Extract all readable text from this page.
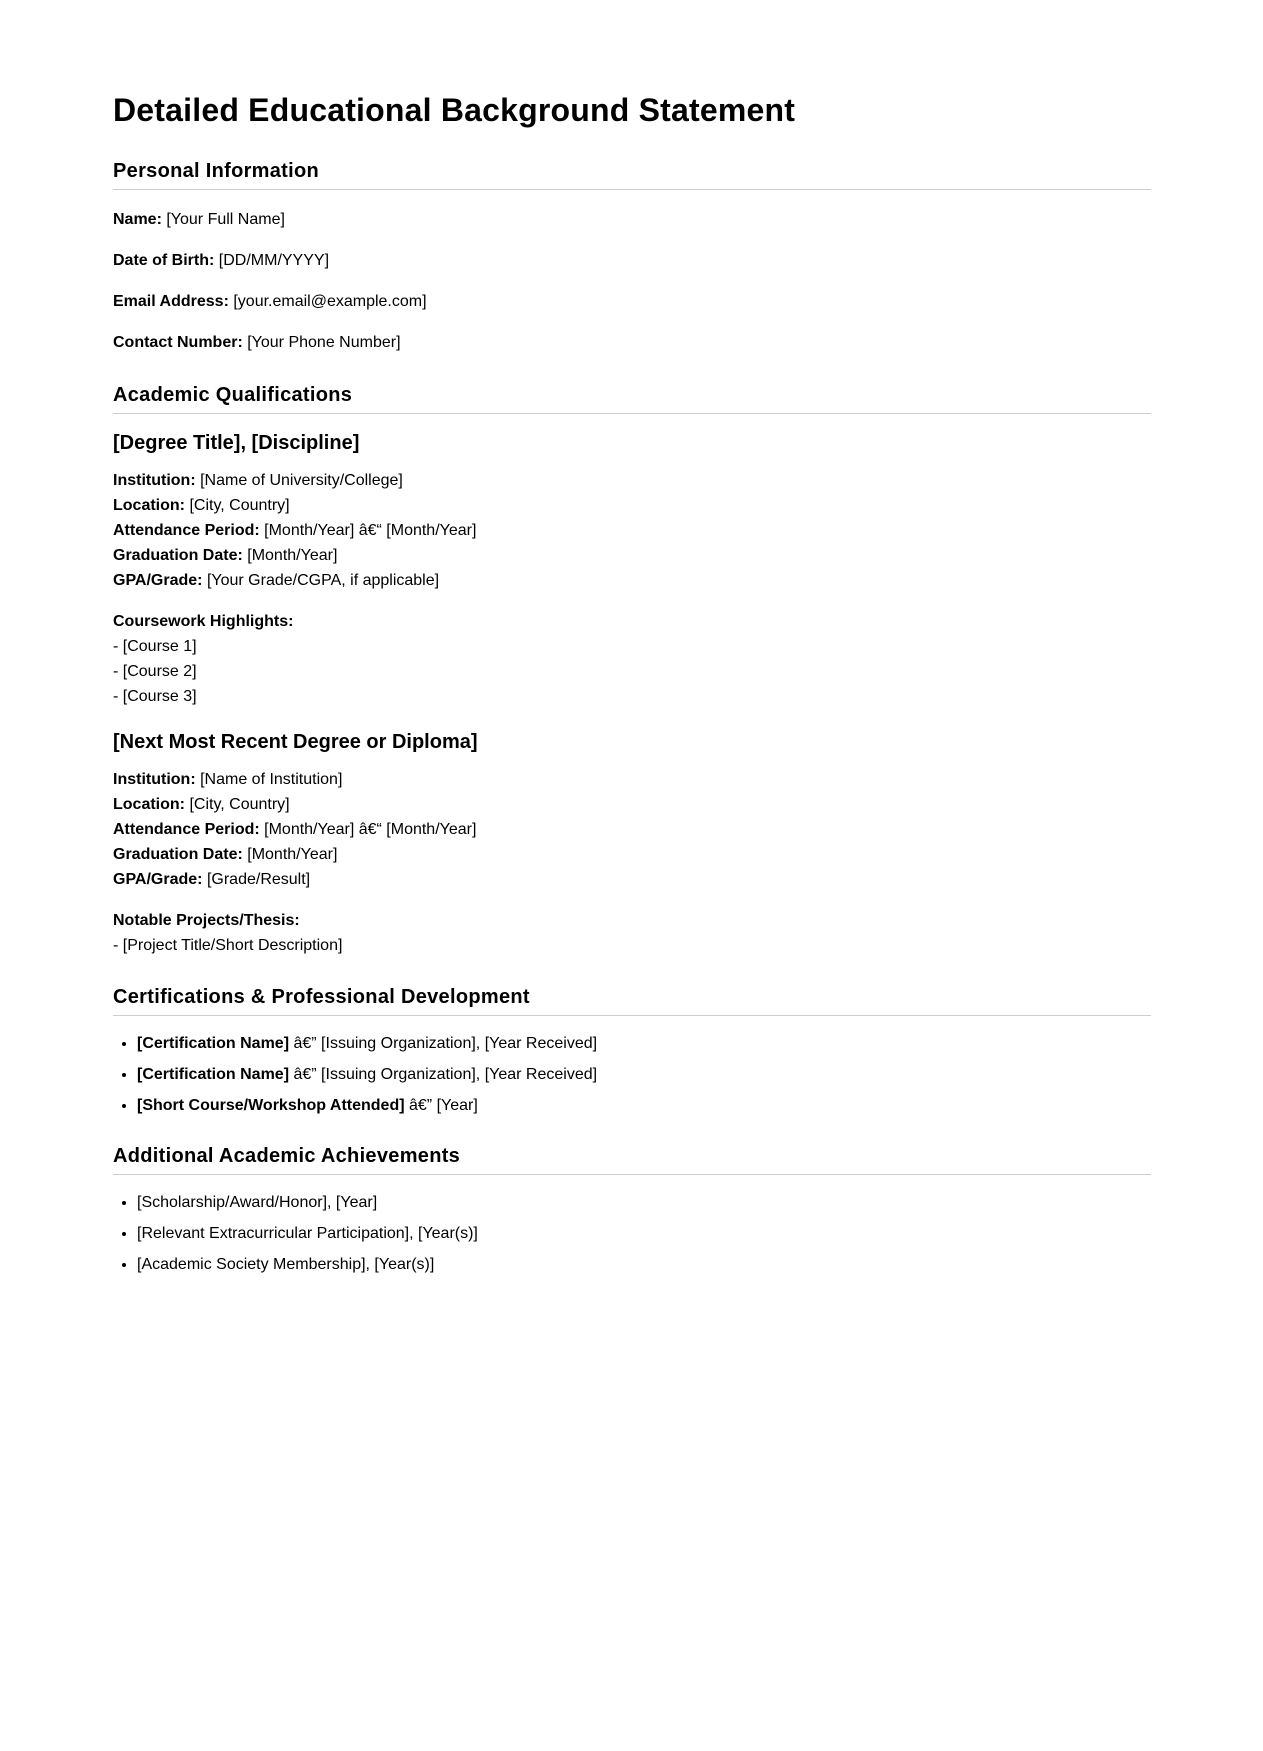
Detailed Educational Background Statement
Personal Information

Name: [Your Full Name]

Date of Birth: [DD/MM/YYYY]

Email Address: [your.email@example.com]

Contact Number: [Your Phone Number]

Academic Qualifications
[Degree Title], [Discipline]
Institution: [Name of University/College]
Location: [City, Country]
Attendance Period: [Month/Year] â€“ [Month/Year]
Graduation Date: [Month/Year]
GPA/Grade: [Your Grade/CGPA, if applicable]
Coursework Highlights:
- [Course 1]
- [Course 2]
- [Course 3]
[Next Most Recent Degree or Diploma]
Institution: [Name of Institution]
Location: [City, Country]
Attendance Period: [Month/Year] â€“ [Month/Year]
Graduation Date: [Month/Year]
GPA/Grade: [Grade/Result]
Notable Projects/Thesis:
- [Project Title/Short Description]
Certifications & Professional Development
• [Certification Name] â€” [Issuing Organization], [Year Received]
• [Certification Name] â€” [Issuing Organization], [Year Received]
• [Short Course/Workshop Attended] â€” [Year]
Additional Academic Achievements
• [Scholarship/Award/Honor], [Year]
• [Relevant Extracurricular Participation], [Year(s)]
• [Academic Society Membership], [Year(s)]
